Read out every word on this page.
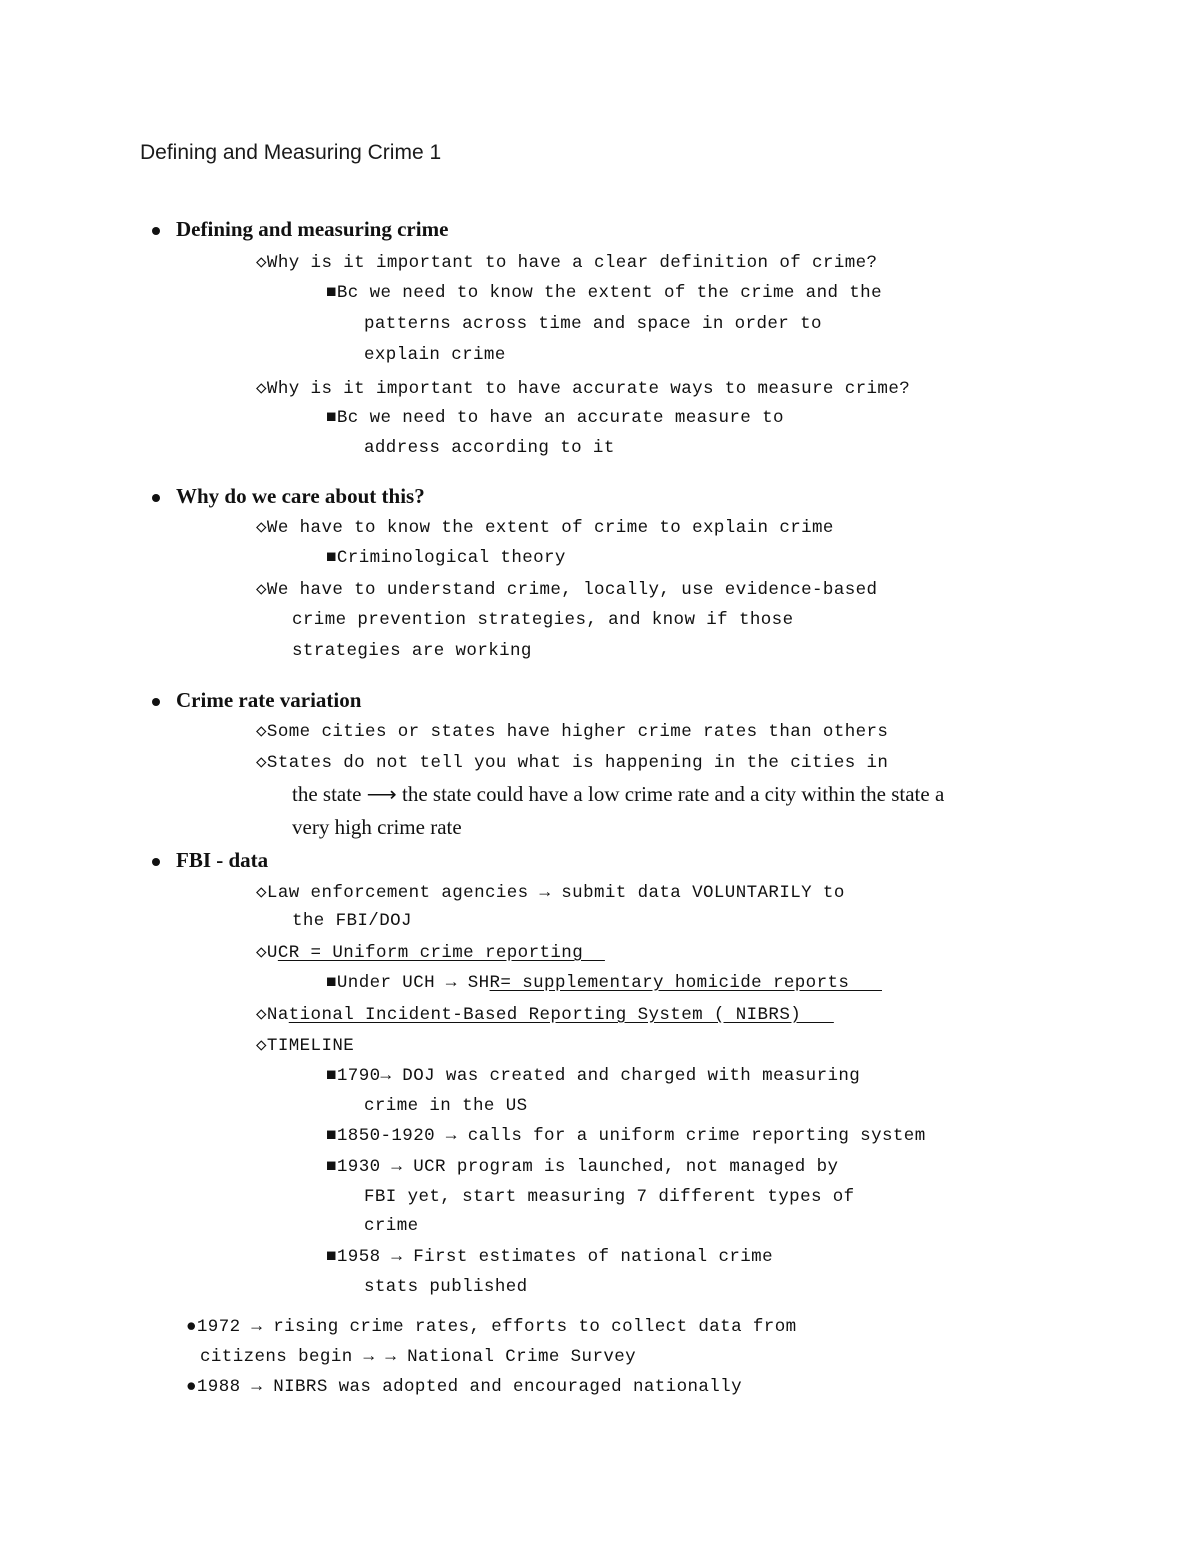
Defining and Measuring Crime 1
Defining and measuring crime
◇Why is it important to have a clear definition of crime?
■Bc we need to know the extent of the crime and the
patterns across time and space in order to
explain crime
◇Why is it important to have accurate ways to measure crime?
■Bc we need to have an accurate measure to
address according to it
Why do we care about this?
◇We have to know the extent of crime to explain crime
■Criminological theory
◇We have to understand crime, locally, use evidence-based
crime prevention strategies, and know if those
strategies are working
Crime rate variation
◇Some cities or states have higher crime rates than others
◇States do not tell you what is happening in the cities in
the state ⟶ the state could have a low crime rate and a city within the state a
very high crime rate
FBI - data
◇Law enforcement agencies → submit data VOLUNTARILY to
the FBI/DOJ
◇UCR = Uniform crime reporting
■Under UCH → SHR= supplementary homicide reports
◇National Incident-Based Reporting System ( NIBRS)
◇TIMELINE
■1790→ DOJ was created and charged with measuring
crime in the US
■1850-1920 → calls for a uniform crime reporting system
■1930 → UCR program is launched, not managed by
FBI yet, start measuring 7 different types of
crime
■1958 → First estimates of national crime
stats published
●1972 → rising crime rates, efforts to collect data from
citizens begin → → National Crime Survey
●1988 → NIBRS was adopted and encouraged nationally
